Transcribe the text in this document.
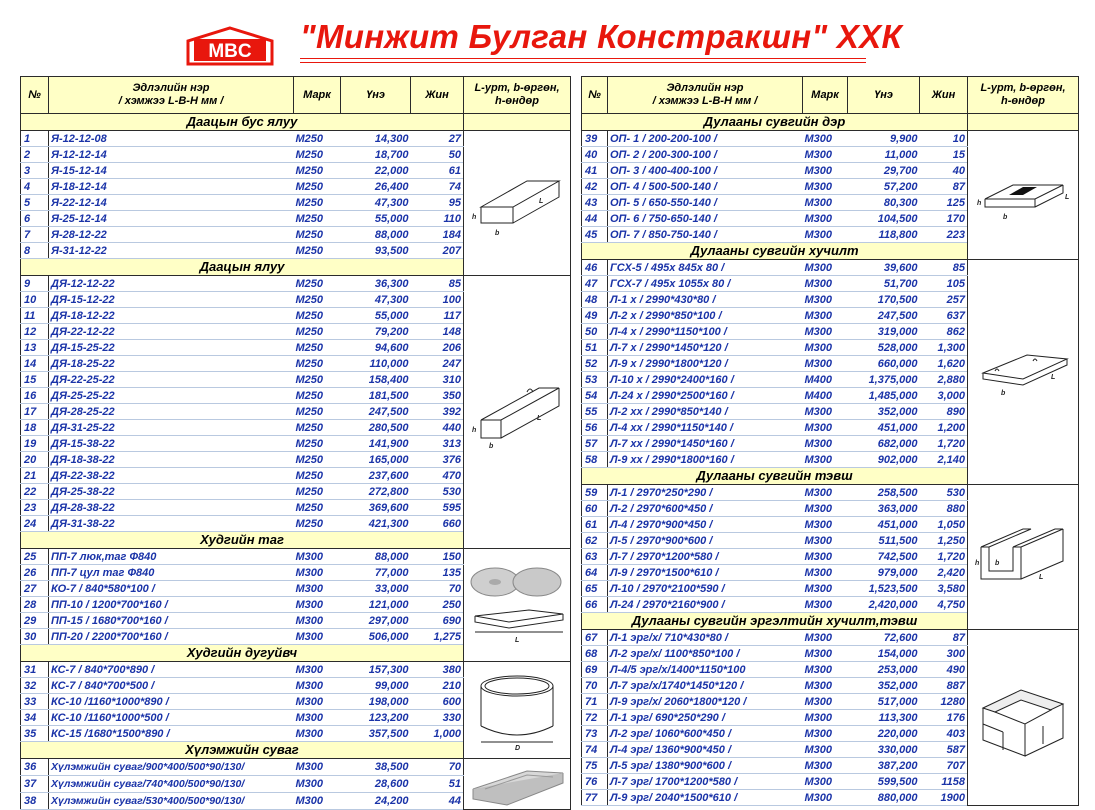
MBC "Минжит Булган Констракшн" ХХК
№	Эдлэлийн нэр
/ хэмжээ L-B-H мм /	Марк	Үнэ	Жин	L-урт, b-өргөн,
h-өндөр	
Даацын бус ялуу						
1	Я-12-12-08	M250	14,300	27	h
b
L	

2	Я-12-12-14	M250	18,700	50		
3	Я-15-12-14	M250	22,000	61		
4	Я-18-12-14	M250	26,400	74		
5	Я-22-12-14	M250	47,300	95		
6	Я-25-12-14	M250	55,000	110		
7	Я-28-12-22	M250	88,000	184		
8	Я-31-12-22	M250	93,500	207		
Даацын ялуу						
9	ДЯ-12-12-22	M250	36,300	85	h
b
L	

10	ДЯ-15-12-22	M250	47,300	100		
11	ДЯ-18-12-22	M250	55,000	117		
12	ДЯ-22-12-22	M250	79,200	148		
13	ДЯ-15-25-22	M250	94,600	206		
14	ДЯ-18-25-22	M250	110,000	247		
15	ДЯ-22-25-22	M250	158,400	310		
16	ДЯ-25-25-22	M250	181,500	350		
17	ДЯ-28-25-22	M250	247,500	392		
18	ДЯ-31-25-22	M250	280,500	440		
19	ДЯ-15-38-22	M250	141,900	313		
20	ДЯ-18-38-22	M250	165,000	376		
21	ДЯ-22-38-22	M250	237,600	470		
22	ДЯ-25-38-22	M250	272,800	530		
23	ДЯ-28-38-22	M250	369,600	595		
24	ДЯ-31-38-22	M250	421,300	660		
Худгийн таг						
25	ПП-7 люк,таг Ф840	M300	88,000	150	L	

26	ПП-7 цул таг Ф840	M300	77,000	135		
27	КО-7 / 840*580*100 /	M300	33,000	70		
28	ПП-10 / 1200*700*160 /	M300	121,000	250		
29	ПП-15 / 1680*700*160 /	M300	297,000	690		
30	ПП-20 / 2200*700*160 /	M300	506,000	1,275		
Худгийн дугуйвч						
31	КС-7 / 840*700*890 /	M300	157,300	380	D	

32	КС-7 / 840*700*500 /	M300	99,000	210		
33	КС-10 /1160*1000*890 /	M300	198,000	600		
34	КС-10 /1160*1000*500 /	M300	123,200	330		
35	КС-15 /1680*1500*890 /	M300	357,500	1,000		
Хүлэмжийн суваг						
36	Хүлэмжийн суваг/900*400/500*90/130/	M300	38,500	70	

37	Хүлэмжийн суваг/740*400/500*90/130/	M300	28,600	51		
38	Хүлэмжийн суваг/530*400/500*90/130/	M300	24,200	44		
№	Эдлэлийн нэр
/ хэмжээ L-B-H мм /	Марк	Үнэ	Жин	L-урт, b-өргөн,
h-өндөр	
Дулааны сувгийн дэр						
39	ОП- 1 / 200-200-100 /	M300	9,900	10	h
b
L	

40	ОП- 2 / 200-300-100 /	M300	11,000	15		
41	ОП- 3 / 400-400-100 /	M300	29,700	40		
42	ОП- 4 / 500-500-140 /	M300	57,200	87		
43	ОП- 5 / 650-550-140 /	M300	80,300	125		
44	ОП- 6 / 750-650-140 /	M300	104,500	170		
45	ОП- 7 / 850-750-140 /	M300	118,800	223		
Дулааны сувгийн хучилт						
46	ГСХ-5 / 495x 845x 80 /	M300	39,600	85	b
L	

47	ГСХ-7 / 495x 1055x 80 /	M300	51,700	105		
48	Л-1 х / 2990*430*80 /	M300	170,500	257		
49	Л-2 х / 2990*850*100 /	M300	247,500	637		
50	Л-4 х / 2990*1150*100 /	M300	319,000	862		
51	Л-7 х / 2990*1450*120 /	M300	528,000	1,300		
52	Л-9 х / 2990*1800*120 /	M300	660,000	1,620		
53	Л-10 х / 2990*2400*160 /	M400	1,375,000	2,880		
54	Л-24 х / 2990*2500*160 /	M400	1,485,000	3,000		
55	Л-2 хх / 2990*850*140 /	M300	352,000	890		
56	Л-4 хх / 2990*1150*140 /	M300	451,000	1,200		
57	Л-7 хх / 2990*1450*160 /	M300	682,000	1,720		
58	Л-9 хх / 2990*1800*160 /	M300	902,000	2,140		
Дулааны сувгийн тэвш						
59	Л-1 / 2970*250*290 /	M300	258,500	530	b
h
L	

60	Л-2 / 2970*600*450 /	M300	363,000	880		
61	Л-4 / 2970*900*450 /	M300	451,000	1,050		
62	Л-5 / 2970*900*600 /	M300	511,500	1,250		
63	Л-7 / 2970*1200*580 /	M300	742,500	1,720		
64	Л-9 / 2970*1500*610 /	M300	979,000	2,420		
65	Л-10 / 2970*2100*590 /	M300	1,523,500	3,580		
66	Л-24 / 2970*2160*900 /	M300	2,420,000	4,750		
Дулааны сувгийн эргэлтийн хучилт,тэвш						
67	Л-1 эрг/х/ 710*430*80 /	M300	72,600	87	

68	Л-2 эрг/х/ 1100*850*100 /	M300	154,000	300		
69	Л-4/5 эрг/х/1400*1150*100	M300	253,000	490		
70	Л-7 эрг/х/1740*1450*120 /	M300	352,000	887		
71	Л-9 эрг/х/ 2060*1800*120 /	M300	517,000	1280		
72	Л-1 эрг/ 690*250*290 /	M300	113,300	176		
73	Л-2 эрг/ 1060*600*450 /	M300	220,000	403		
74	Л-4 эрг/ 1360*900*450 /	M300	330,000	587		
75	Л-5 эрг/ 1380*900*600 /	M300	387,200	707		
76	Л-7 эрг/ 1700*1200*580 /	M300	599,500	1158		
77	Л-9 эрг/ 2040*1500*610 /	M300	880,000	1900		
